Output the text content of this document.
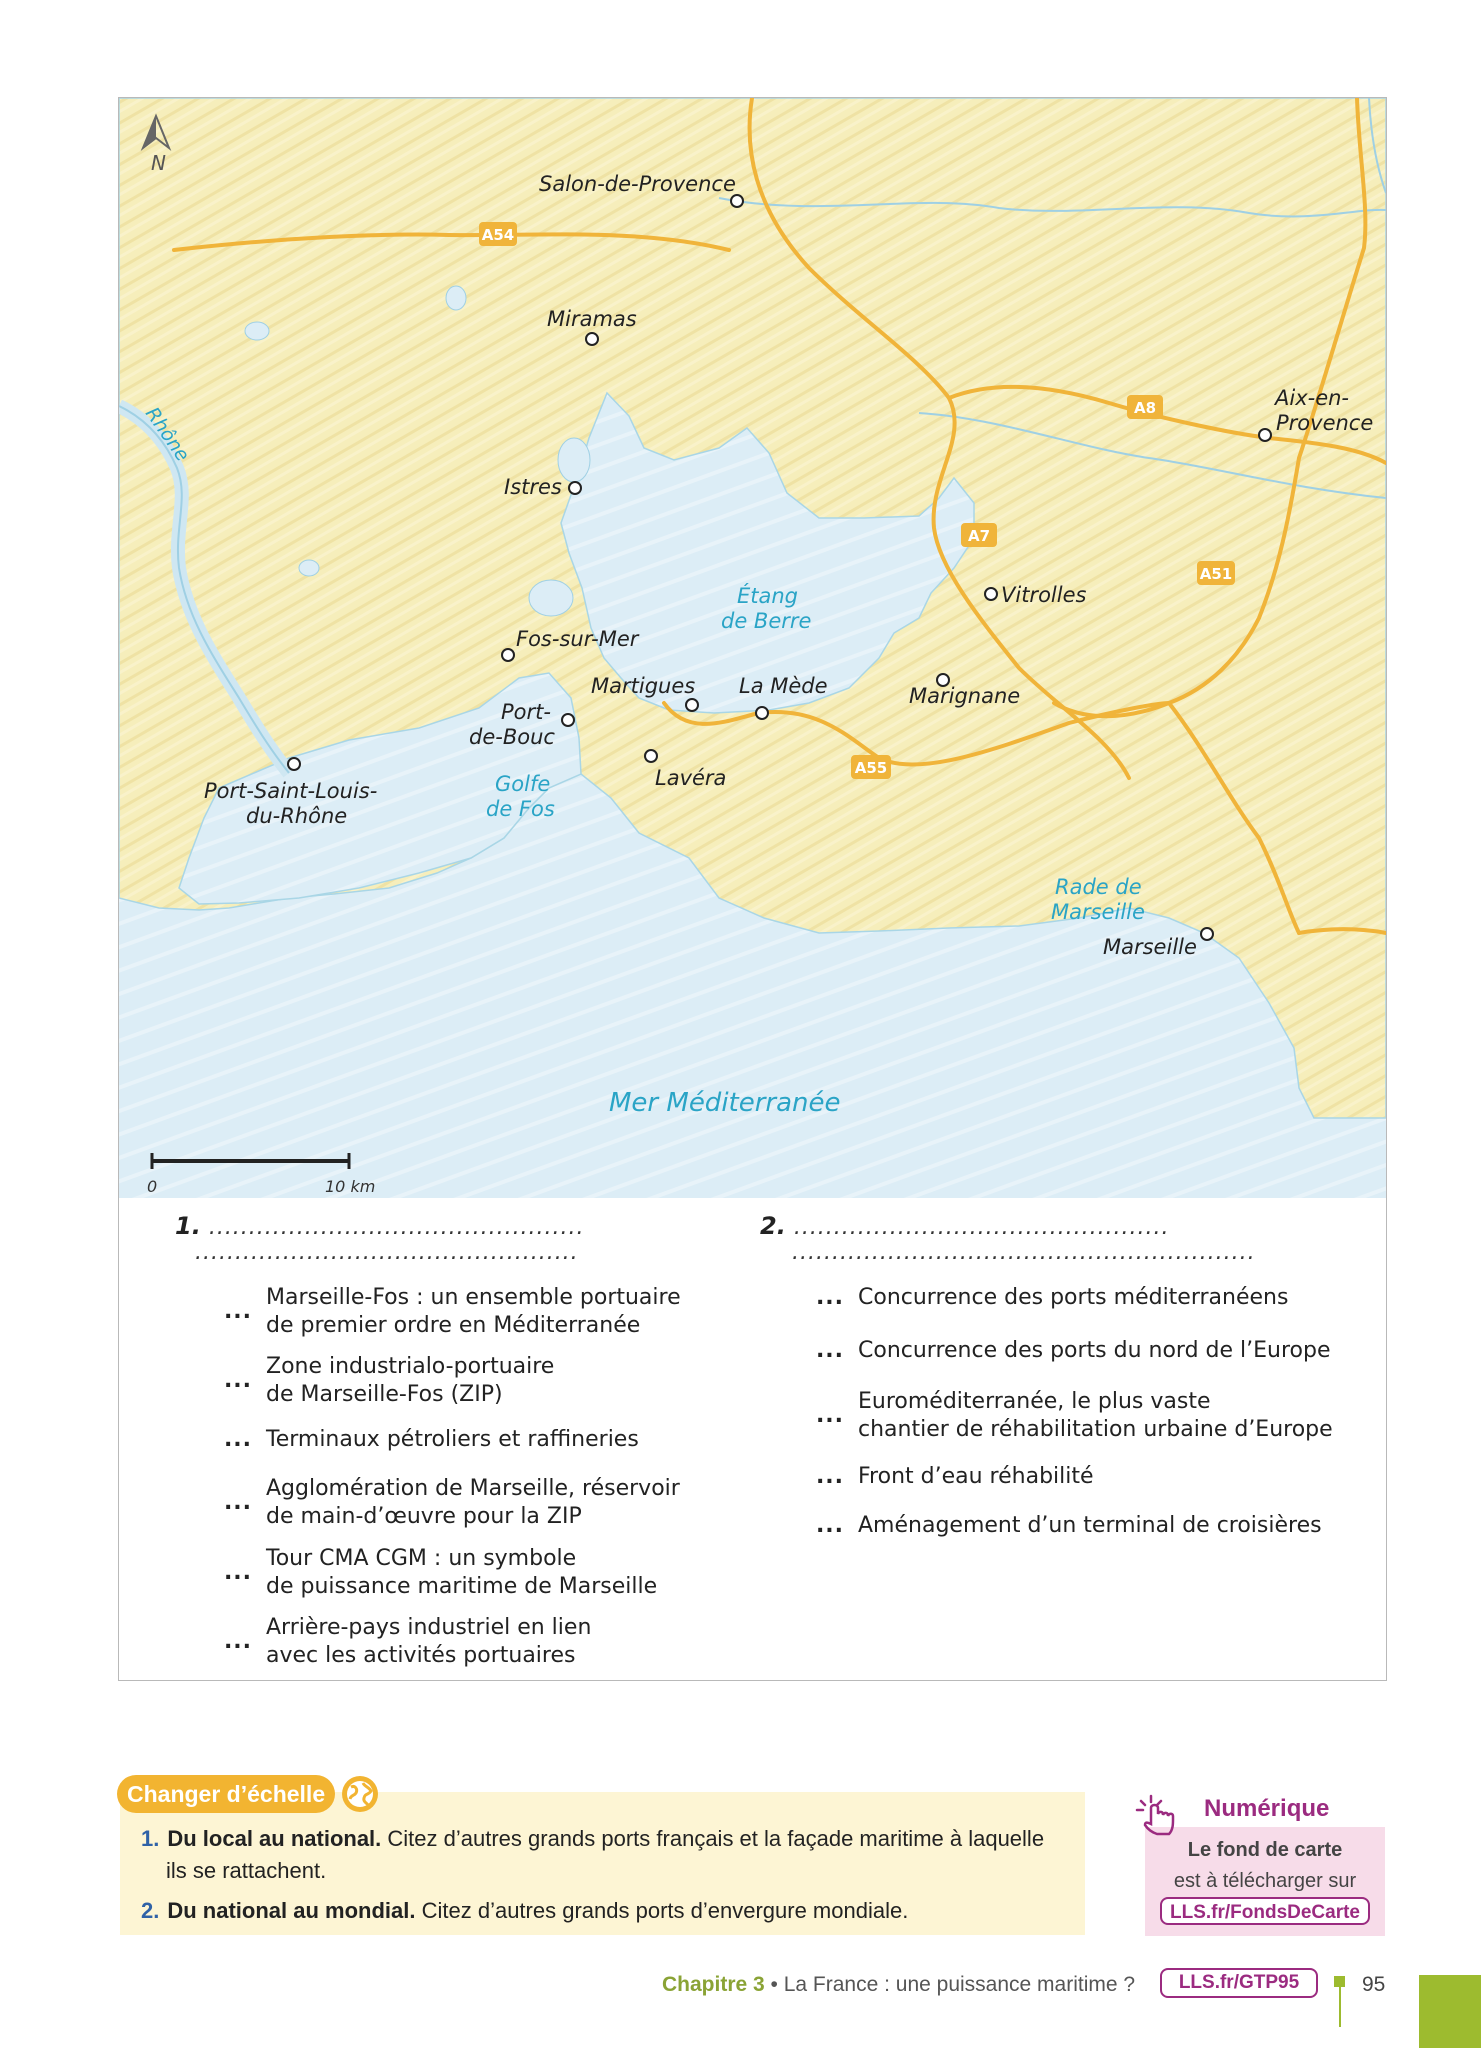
A54
A8
A7
A51
A55
N
Salon-de-Provence
Miramas
Aix-en-
Provence
Istres
Vitrolles
Fos-sur-Mer
Martigues La Mède	Marignane
Port-
de-Bouc
Lavéra
Port-Saint-Louis-
du-Rhône
Marseille
Rhône
Étang
de Berre
Golfe
de Fos
Rade de
Marseille
Mer Méditerranée
0	10 km
1. ...............................................
................................................
...
Marseille-Fos : un ensemble portuaire
de premier ordre en Méditerranée
...
Zone industrialo-portuaire
de Marseille-Fos (ZIP)
... Terminaux pétroliers et raffineries
...
Agglomération de Marseille, réservoir
de main-d’œuvre pour la ZIP
...
Tour CMA CGM : un symbole
de puissance maritime de Marseille
...
Arrière-pays industriel en lien
avec les activités portuaires
2. ...............................................
..........................................................
... Concurrence des ports méditerranéens
... Concurrence des ports du nord de l’Europe
...
Euroméditerranée, le plus vaste
chantier de réhabilitation urbaine d’Europe
... Front d’eau réhabilité
... Aménagement d’un terminal de croisières
Changer d’échelle
1. Du local au national. Citez d’autres grands ports français et la façade maritime à laquelle
ils se rattachent.
2. Du national au mondial. Citez d’autres grands ports d’envergure mondiale.
Numérique
Le fond de carte
est à télécharger sur
LLS.fr/FondsDeCarte
Chapitre 3 • La France : une puissance maritime ?	LLS.fr/GTP95	95
